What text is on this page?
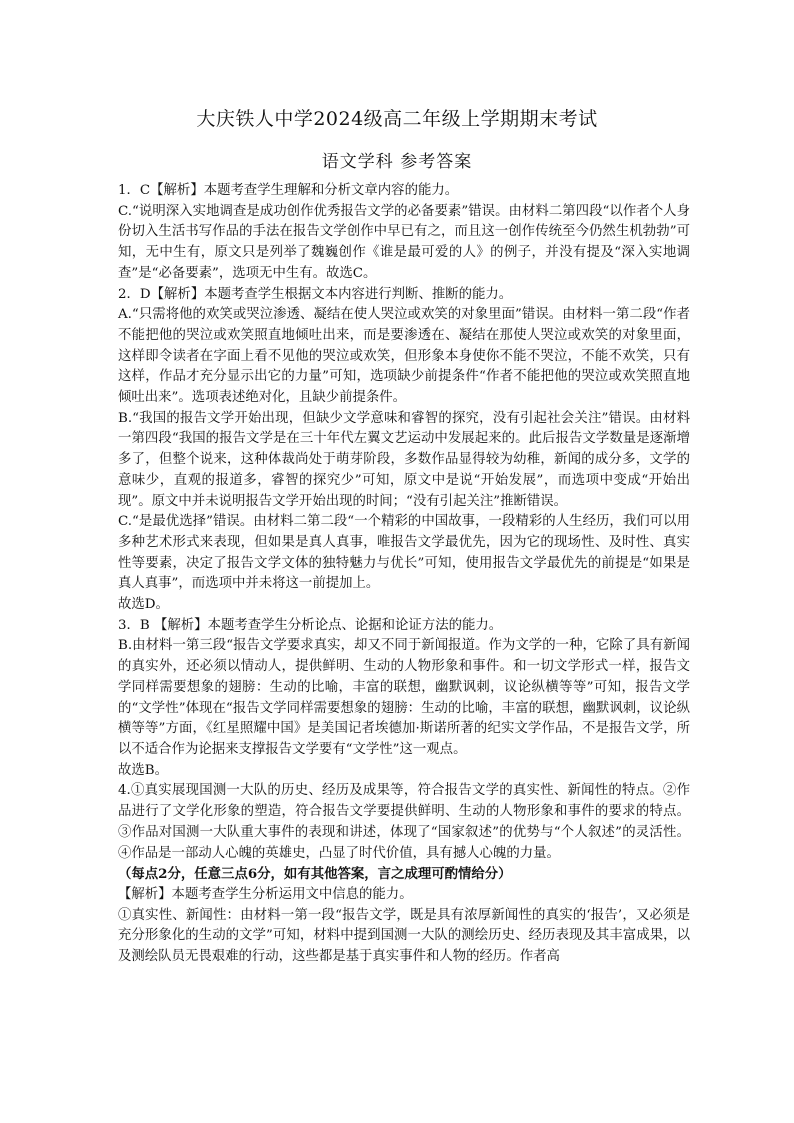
大庆铁人中学2024级高二年级上学期期末考试
语文学科 参考答案

1．C【解析】本题考查学生理解和分析文章内容的能力。

C.“说明深入实地调查是成功创作优秀报告文学的必备要素”错误。由材料二第四段“以作者个人身份切入生活书写作品的手法在报告文学创作中早已有之，而且这一创作传统至今仍然生机勃勃”可知，无中生有，原文只是列举了魏巍创作《谁是最可爱的人》的例子，并没有提及“深入实地调查”是“必备要素”，选项无中生有。故选C。

2．D【解析】本题考查学生根据文本内容进行判断、推断的能力。

A.“只需将他的欢笑或哭泣渗透、凝结在使人哭泣或欢笑的对象里面”错误。由材料一第二段“作者不能把他的哭泣或欢笑照直地倾吐出来，而是要渗透在、凝结在那使人哭泣或欢笑的对象里面，这样即令读者在字面上看不见他的哭泣或欢笑，但形象本身使你不能不哭泣，不能不欢笑，只有这样，作品才充分显示出它的力量”可知，选项缺少前提条件“作者不能把他的哭泣或欢笑照直地倾吐出来”。选项表述绝对化，且缺少前提条件。

B.“我国的报告文学开始出现，但缺少文学意味和睿智的探究，没有引起社会关注”错误。由材料一第四段“我国的报告文学是在三十年代左翼文艺运动中发展起来的。此后报告文学数量是逐渐增多了，但整个说来，这种体裁尚处于萌芽阶段，多数作品显得较为幼稚，新闻的成分多，文学的意味少，直观的报道多，睿智的探究少”可知，原文中是说“开始发展”，而选项中变成“开始出现”。原文中并未说明报告文学开始出现的时间；“没有引起关注”推断错误。

C.“是最优选择”错误。由材料二第二段“一个精彩的中国故事，一段精彩的人生经历，我们可以用多种艺术形式来表现，但如果是真人真事，唯报告文学最优先，因为它的现场性、及时性、真实性等要素，决定了报告文学文体的独特魅力与优长”可知，使用报告文学最优先的前提是“如果是真人真事”，而选项中并未将这一前提加上。

故选D。

3．B 【解析】本题考查学生分析论点、论据和论证方法的能力。

B.由材料一第三段“报告文学要求真实，却又不同于新闻报道。作为文学的一种，它除了具有新闻的真实外，还必须以情动人，提供鲜明、生动的人物形象和事件。和一切文学形式一样，报告文学同样需要想象的翅膀：生动的比喻，丰富的联想，幽默讽刺，议论纵横等等”可知，报告文学的“文学性”体现在“报告文学同样需要想象的翅膀：生动的比喻，丰富的联想，幽默讽刺，议论纵横等等”方面，《红星照耀中国》是美国记者埃德加·斯诺所著的纪实文学作品，不是报告文学，所以不适合作为论据来支撑报告文学要有“文学性”这一观点。

故选B。

4.①真实展现国测一大队的历史、经历及成果等，符合报告文学的真实性、新闻性的特点。②作品进行了文学化形象的塑造，符合报告文学要提供鲜明、生动的人物形象和事件的要求的特点。③作品对国测一大队重大事件的表现和讲述，体现了“国家叙述”的优势与“个人叙述”的灵活性。④作品是一部动人心魄的英雄史，凸显了时代价值，具有撼人心魄的力量。

（每点2分，任意三点6分，如有其他答案，言之成理可酌情给分）

【解析】本题考查学生分析运用文中信息的能力。

①真实性、新闻性：由材料一第一段“报告文学，既是具有浓厚新闻性的真实的‘报告’，又必须是充分形象化的生动的文学”可知，材料中提到国测一大队的测绘历史、经历表现及其丰富成果，以及测绘队员无畏艰难的行动，这些都是基于真实事件和人物的经历。作者高
